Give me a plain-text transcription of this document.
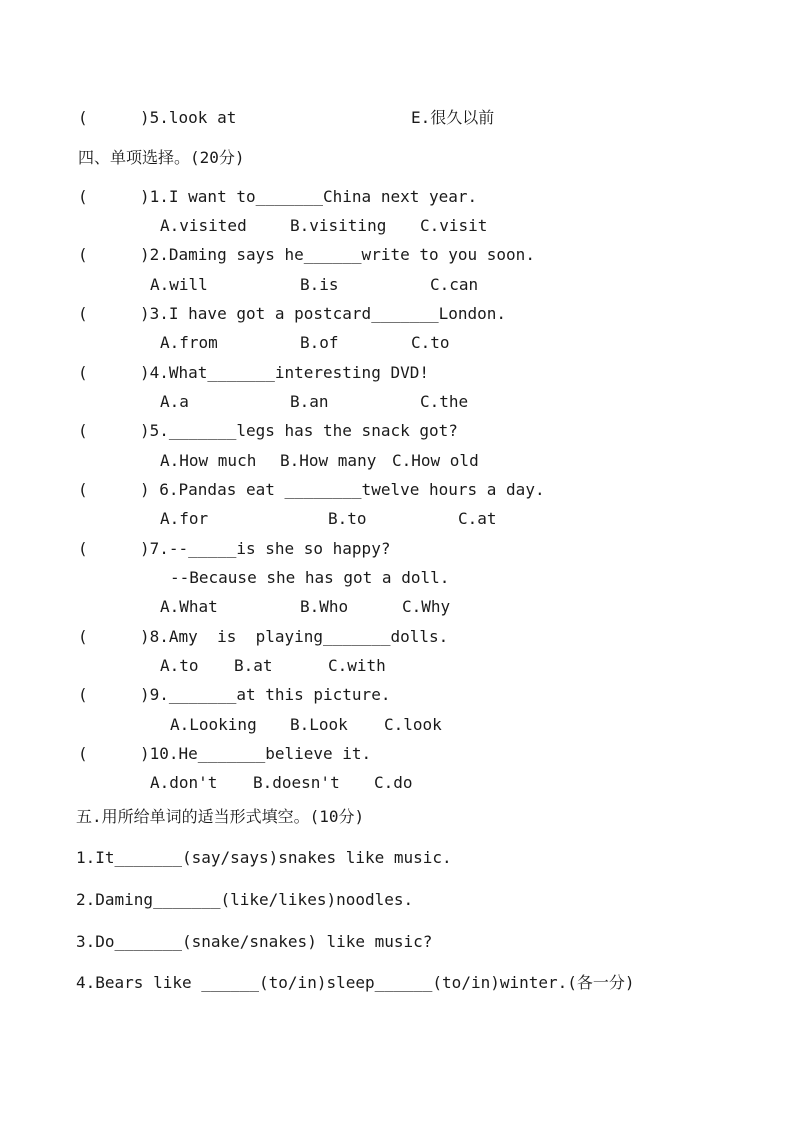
(	)5.look at	E.很久以前
四、单项选择。(20分)
(	)1.I want to_______China next year.
A.visited	B.visiting C.visit
(	)2.Daming says he______write to you soon.
A.will	B.is	C.can
(	)3.I have got a postcard_______London.
A.from	B.of	C.to
(	)4.What_______interesting DVD!
A.a	B.an	C.the
(	)5._______legs has the snack got?
A.How much B.How many C.How old
(	) 6.Pandas eat ________twelve hours a day.
A.for	B.to	C.at
(	)7.--_____is she so happy?
--Because she has got a doll.
A.What	B.Who	C.Why
(	)8.Amy  is  playing_______dolls.
A.to B.at	C.with
(	)9._______at this picture.
A.Looking B.Look C.look
(	)10.He_______believe it.
A.don't B.doesn't C.do
五.用所给单词的适当形式填空。(10分)
1.It_______(say/says)snakes like music.
2.Daming_______(like/likes)noodles.
3.Do_______(snake/snakes) like music?
4.Bears like ______(to/in)sleep______(to/in)winter.(各一分)
